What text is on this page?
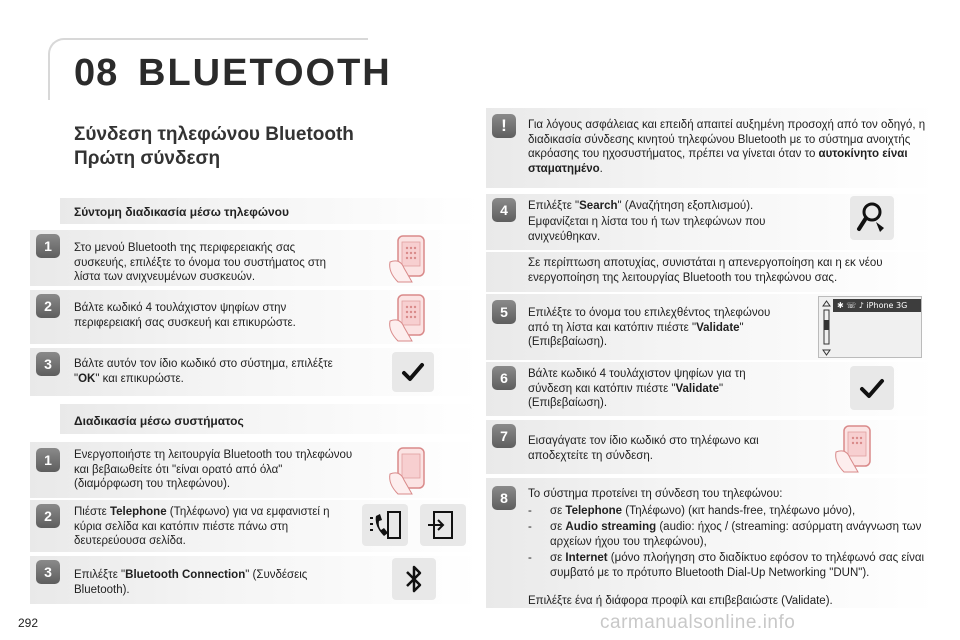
08 BLUETOOTH
Σύνδεση τηλεφώνου Bluetooth
Πρώτη σύνδεση
Σύντομη διαδικασία μέσω τηλεφώνου
1	Στο μενού Bluetooth της περιφερειακής σας συσκευής, επιλέξτε το όνομα του συστήματος στη λίστα των ανιχνευμένων συσκευών.
2	Βάλτε κωδικό 4 τουλάχιστον ψηφίων στην περιφερειακή σας συσκευή και επικυρώστε.
3	Βάλτε αυτόν τον ίδιο κωδικό στο σύστημα, επιλέξτε "OK" και επικυρώστε.
Διαδικασία μέσω συστήματος
1	Ενεργοποιήστε τη λειτουργία Bluetooth του τηλεφώνου και βεβαιωθείτε ότι "είναι ορατό από όλα" (διαμόρφωση του τηλεφώνου).
2	Πιέστε Telephone (Τηλέφωνο) για να εμφανιστεί η κύρια σελίδα και κατόπιν πιέστε πάνω στη δευτερεύουσα σελίδα.
3	Επιλέξτε "Bluetooth Connection" (Συνδέσεις Bluetooth).
!	Για λόγους ασφάλειας και επειδή απαιτεί αυξημένη προσοχή από τον οδηγό, η διαδικασία σύνδεσης κινητού τηλεφώνου Bluetooth με το σύστημα ανοιχτής ακρόασης του ηχοσυστήματος, πρέπει να γίνεται όταν το αυτοκίνητο είναι σταματημένο.
4	Επιλέξτε "Search" (Αναζήτηση εξοπλισμού).
Εμφανίζεται η λίστα του ή των τηλεφώνων που ανιχνεύθηκαν.
Σε περίπτωση αποτυχίας, συνιστάται η απενεργοποίηση και η εκ νέου ενεργοποίηση της λειτουργίας Bluetooth του τηλεφώνου σας.
5	Επιλέξτε το όνομα του επιλεχθέντος τηλεφώνου από τη λίστα και κατόπιν πιέστε "Validate" (Επιβεβαίωση).
✱ ☏ ♪ iPhone 3G
6	Βάλτε κωδικό 4 τουλάχιστον ψηφίων για τη σύνδεση και κατόπιν πιέστε "Validate" (Επιβεβαίωση).
7	Εισαγάγατε τον ίδιο κωδικό στο τηλέφωνο και αποδεχτείτε τη σύνδεση.
8	Το σύστημα προτείνει τη σύνδεση του τηλεφώνου:
- σε Telephone (Τηλέφωνο) (κιτ hands-free, τηλέφωνο μόνο),
- σε Audio streaming (audio: ήχος / (streaming: ασύρματη ανάγνωση των αρχείων ήχου του τηλεφώνου),
- σε Internet (μόνο πλοήγηση στο διαδίκτυο εφόσον το τηλέφωνό σας είναι συμβατό με το πρότυπο Bluetooth Dial-Up Networking "DUN").
Επιλέξτε ένα ή διάφορα προφίλ και επιβεβαιώστε (Validate).
292	carmanualsonline.info
